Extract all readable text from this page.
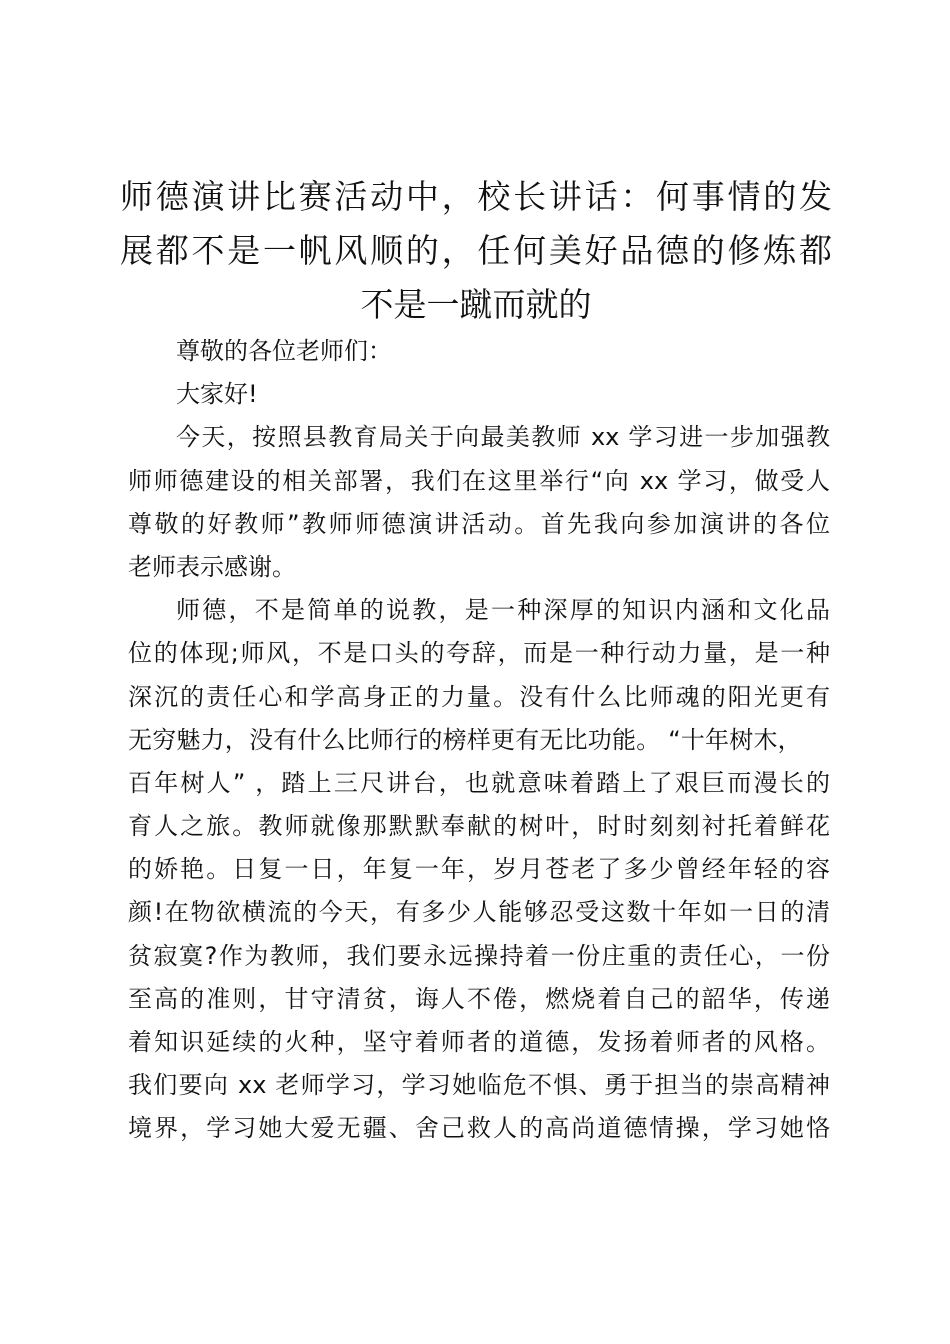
师德演讲比赛活动中，校长讲话：何事情的发
展都不是一帆风顺的，任何美好品德的修炼都
不是一蹴而就的
尊敬的各位老师们：
大家好!
今天，按照县教育局关于向最美教师 xx 学习进一步加强教
师师德建设的相关部署，我们在这里举行“向 xx 学习，做受人
尊敬的好教师”教师师德演讲活动。首先我向参加演讲的各位
老师表示感谢。
师德，不是简单的说教，是一种深厚的知识内涵和文化品
位的体现;师风，不是口头的夸辞，而是一种行动力量，是一种
深沉的责任心和学高身正的力量。没有什么比师魂的阳光更有
无穷魅力，没有什么比师行的榜样更有无比功能。 “十年树木，
百年树人” ，踏上三尺讲台，也就意味着踏上了艰巨而漫长的
育人之旅。教师就像那默默奉献的树叶，时时刻刻衬托着鲜花
的娇艳。日复一日，年复一年，岁月苍老了多少曾经年轻的容
颜!在物欲横流的今天，有多少人能够忍受这数十年如一日的清
贫寂寞?作为教师，我们要永远操持着一份庄重的责任心，一份
至高的准则，甘守清贫，诲人不倦，燃烧着自己的韶华，传递
着知识延续的火种，坚守着师者的道德，发扬着师者的风格。
我们要向 xx 老师学习，学习她临危不惧、勇于担当的崇高精神
境界，学习她大爱无疆、舍己救人的高尚道德情操，学习她恪
